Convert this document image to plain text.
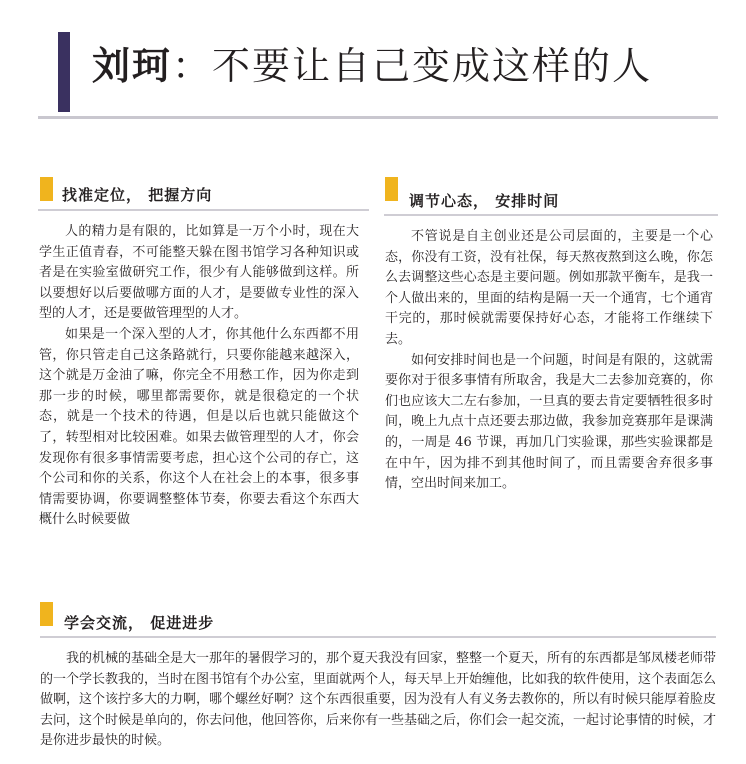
刘珂：不要让自己变成这样的人
找准定位， 把握方向

人的精力是有限的，比如算是一万个小时，现在大学生正值青春，不可能整天躲在图书馆学习各种知识或者是在实验室做研究工作，很少有人能够做到这样。所以要想好以后要做哪方面的人才，是要做专业性的深入型的人才，还是要做管理型的人才。

如果是一个深入型的人才，你其他什么东西都不用管，你只管走自己这条路就行，只要你能越来越深入，这个就是万金油了嘛，你完全不用愁工作，因为你走到那一步的时候，哪里都需要你，就是很稳定的一个状态，就是一个技术的待遇，但是以后也就只能做这个了，转型相对比较困难。如果去做管理型的人才，你会发现你有很多事情需要考虑，担心这个公司的存亡，这个公司和你的关系，你这个人在社会上的本事，很多事情需要协调，你要调整整体节奏，你要去看这个东西大概什么时候要做

调节心态， 安排时间

不管说是自主创业还是公司层面的，主要是一个心态，你没有工资，没有社保，每天熬夜熬到这么晚，你怎么去调整这些心态是主要问题。例如那款平衡车，是我一个人做出来的，里面的结构是隔一天一个通宵，七个通宵干完的，那时候就需要保持好心态，才能将工作继续下去。

如何安排时间也是一个问题，时间是有限的，这就需要你对于很多事情有所取舍，我是大二去参加竞赛的，你们也应该大二左右参加，一旦真的要去肯定要牺牲很多时间，晚上九点十点还要去那边做，我参加竞赛那年是课满的，一周是 46 节课，再加几门实验课，那些实验课都是在中午，因为排不到其他时间了，而且需要舍弃很多事情，空出时间来加工。

学会交流， 促进进步

我的机械的基础全是大一那年的暑假学习的，那个夏天我没有回家，整整一个夏天，所有的东西都是邹凤楼老师带的一个学长教我的，当时在图书馆有个办公室，里面就两个人，每天早上开始缠他，比如我的软件使用，这个表面怎么做啊，这个该拧多大的力啊，哪个螺丝好啊？这个东西很重要，因为没有人有义务去教你的，所以有时候只能厚着脸皮去问，这个时候是单向的，你去问他，他回答你，后来你有一些基础之后，你们会一起交流，一起讨论事情的时候，才是你进步最快的时候。
